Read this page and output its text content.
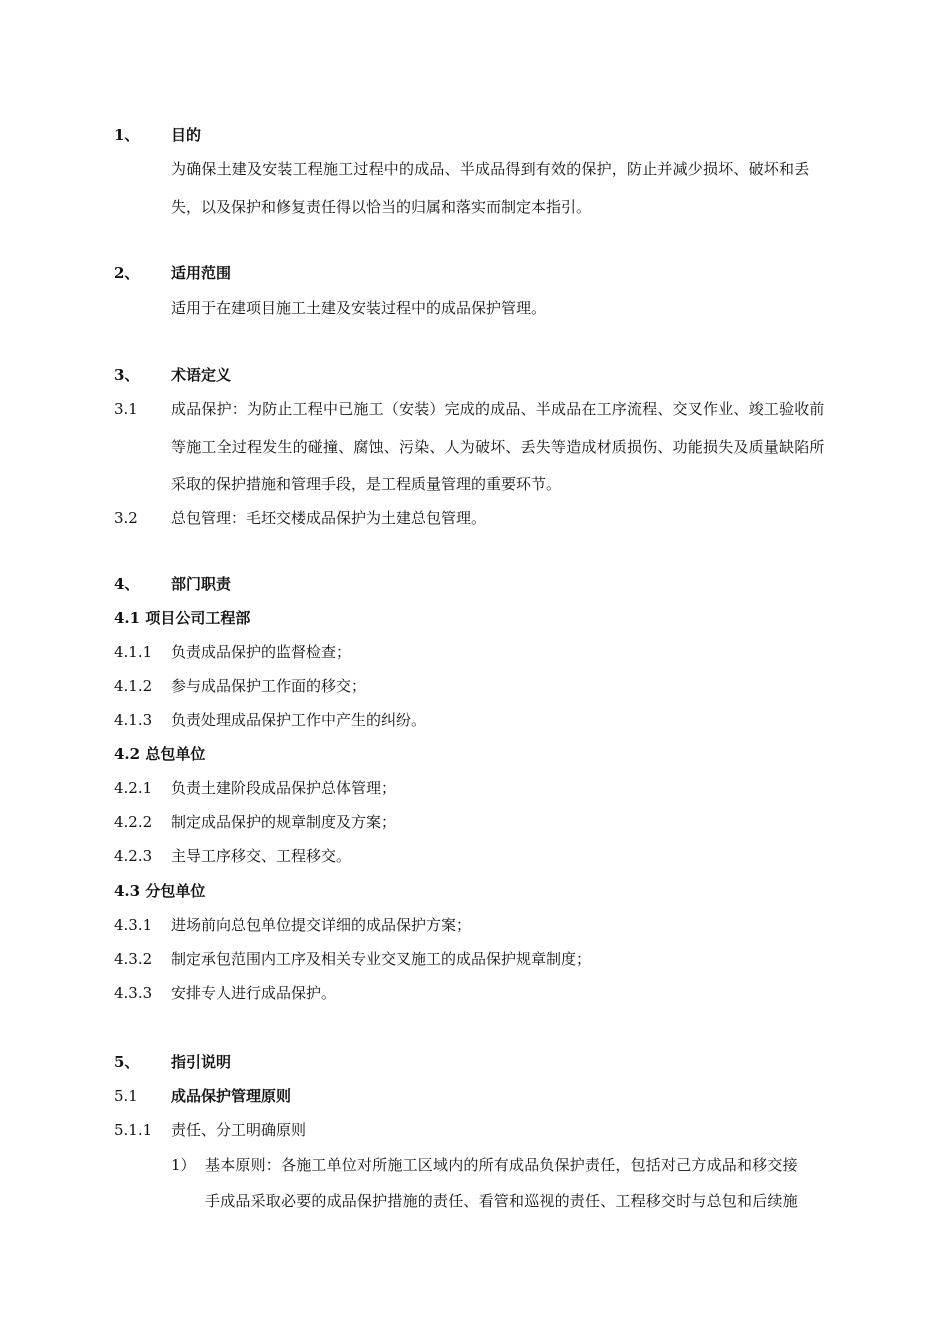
1、 目的
为确保土建及安装工程施工过程中的成品、半成品得到有效的保护，防止并减少损坏、破坏和丢
失，以及保护和修复责任得以恰当的归属和落实而制定本指引。
2、 适用范围
适用于在建项目施工土建及安装过程中的成品保护管理。
3、 术语定义
3.1 成品保护：为防止工程中已施工（安装）完成的成品、半成品在工序流程、交叉作业、竣工验收前
等施工全过程发生的碰撞、腐蚀、污染、人为破坏、丢失等造成材质损伤、功能损失及质量缺陷所
采取的保护措施和管理手段，是工程质量管理的重要环节。
3.2 总包管理：毛坯交楼成品保护为土建总包管理。
4、 部门职责
4.1 项目公司工程部
4.1.1 负责成品保护的监督检查；
4.1.2 参与成品保护工作面的移交；
4.1.3 负责处理成品保护工作中产生的纠纷。
4.2 总包单位
4.2.1 负责土建阶段成品保护总体管理；
4.2.2 制定成品保护的规章制度及方案；
4.2.3 主导工序移交、工程移交。
4.3 分包单位
4.3.1 进场前向总包单位提交详细的成品保护方案；
4.3.2 制定承包范围内工序及相关专业交叉施工的成品保护规章制度；
4.3.3 安排专人进行成品保护。
5、 指引说明
5.1 成品保护管理原则
5.1.1 责任、分工明确原则
1） 基本原则：各施工单位对所施工区域内的所有成品负保护责任，包括对己方成品和移交接
手成品采取必要的成品保护措施的责任、看管和巡视的责任、工程移交时与总包和后续施
